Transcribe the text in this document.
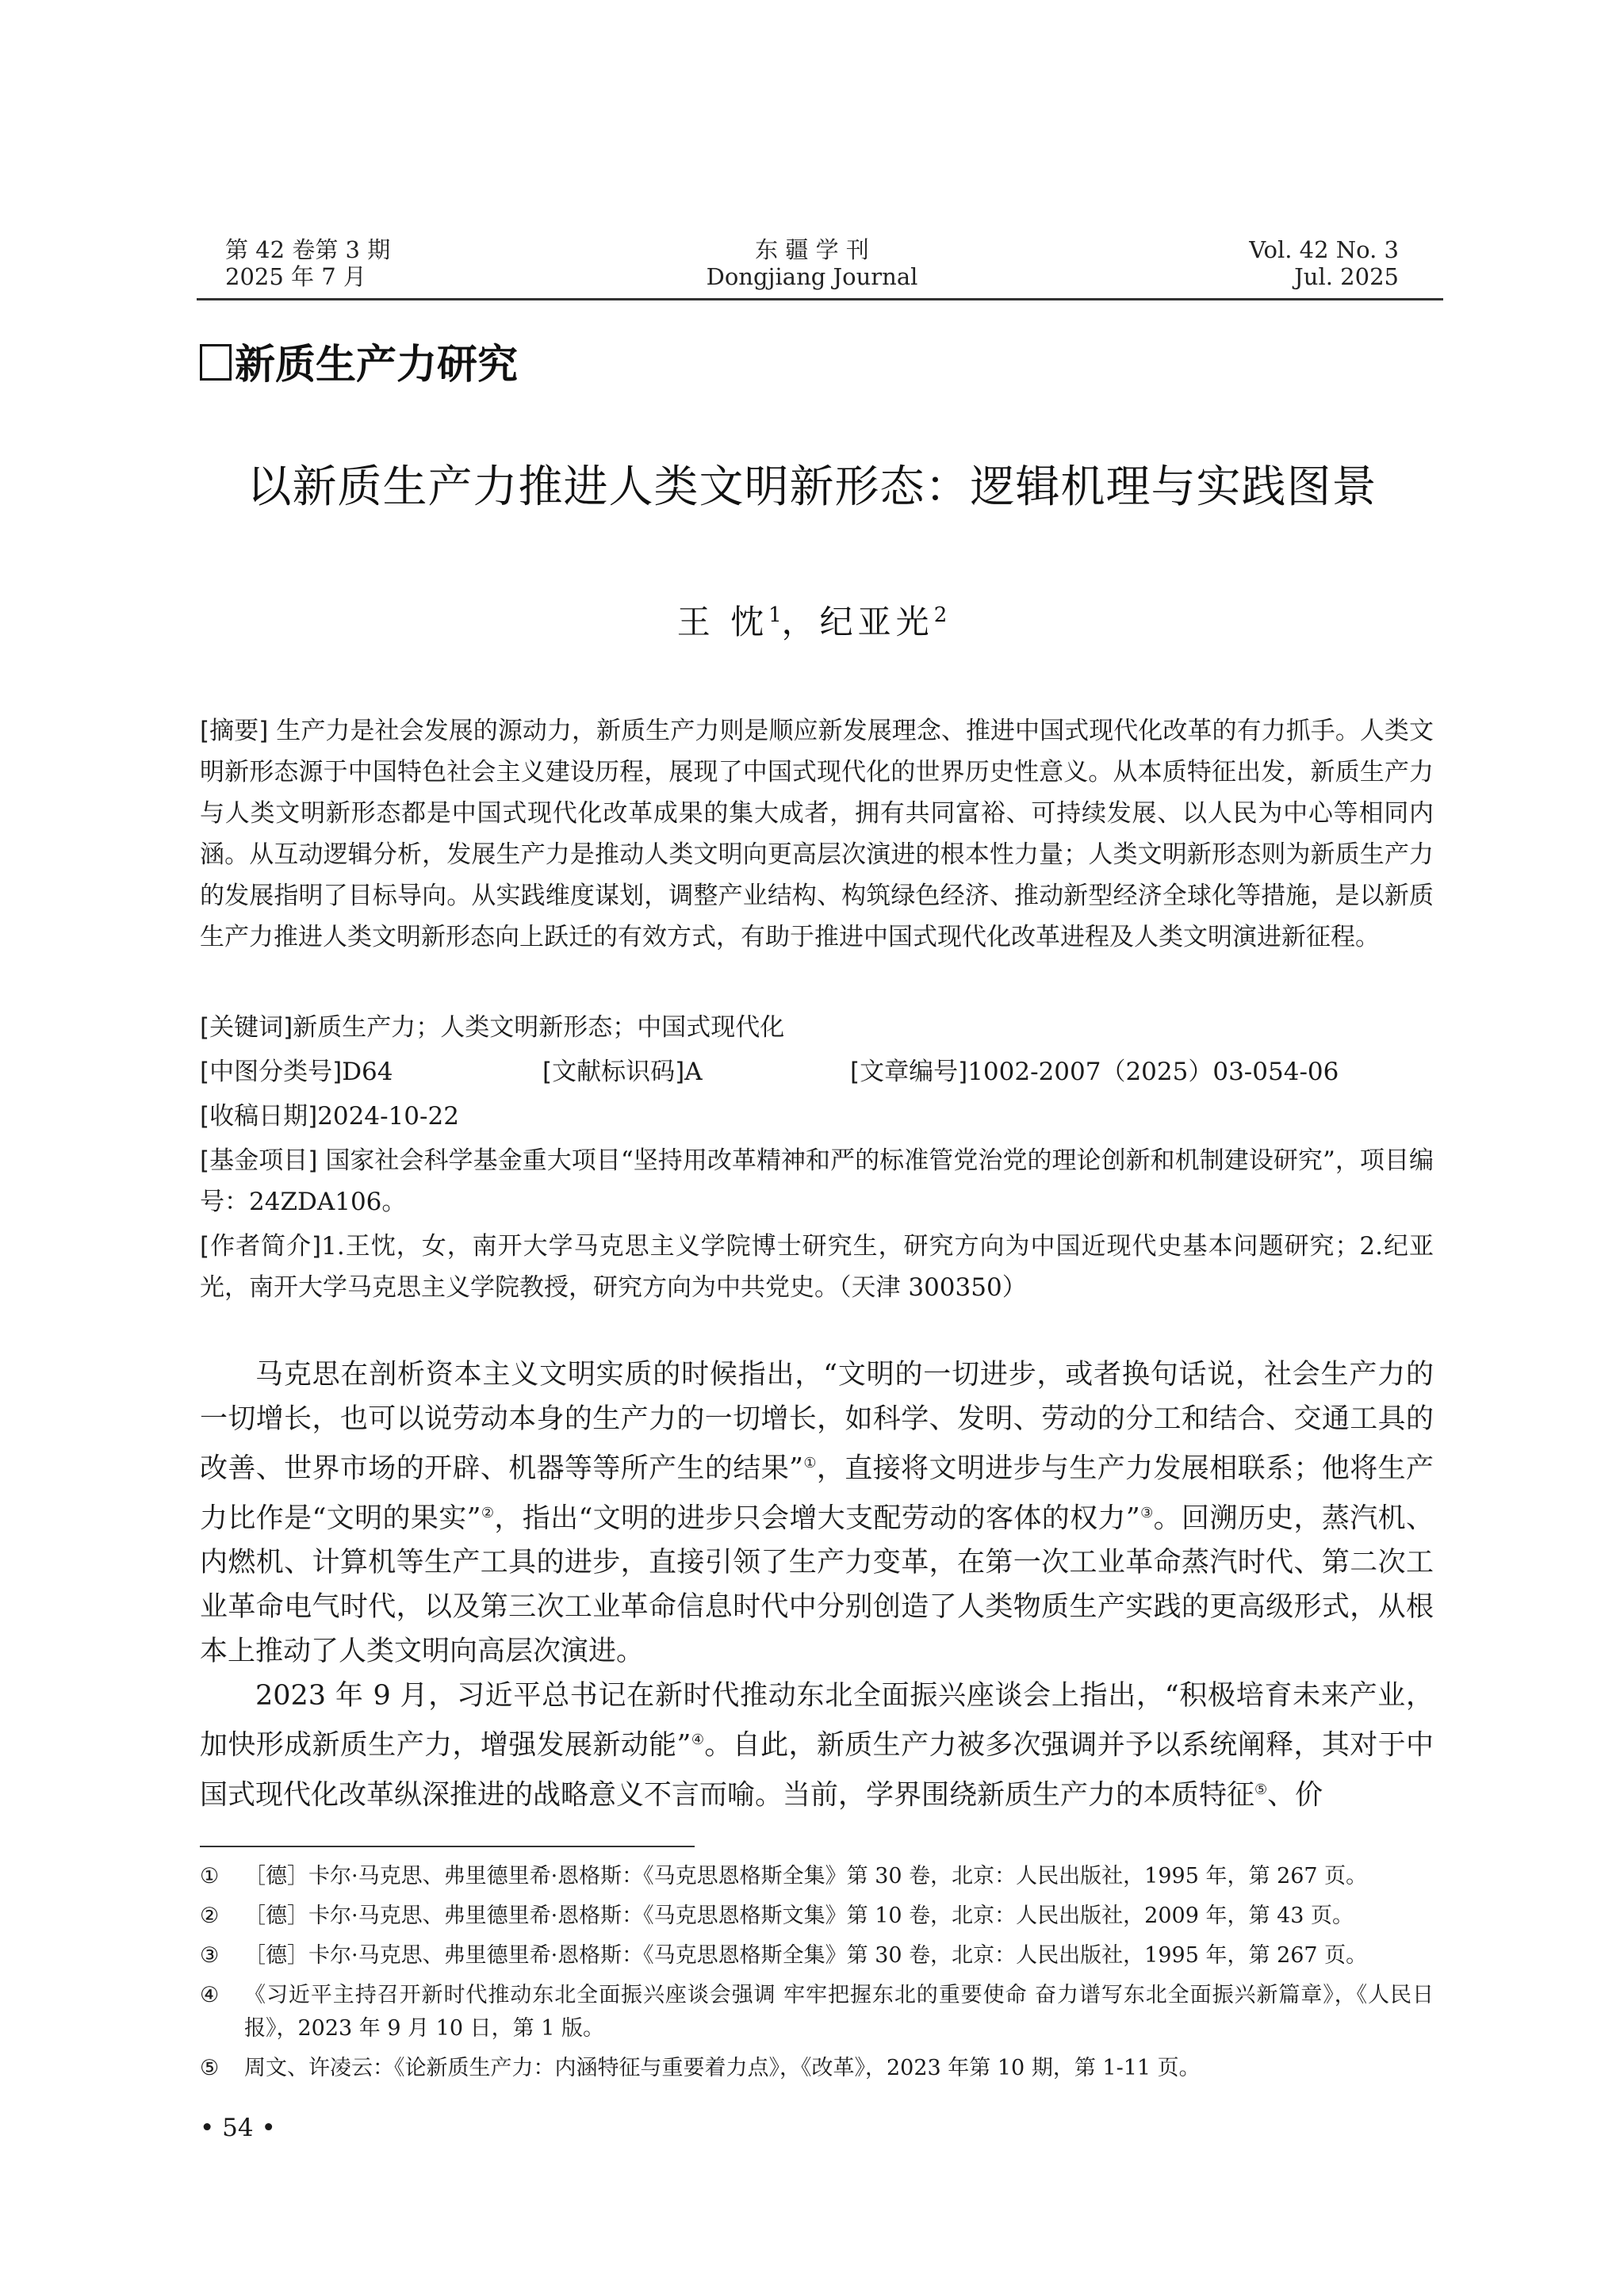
第 42 卷第 3 期
2025 年 7 月
东 疆 学 刊
Dongjiang Journal
Vol. 42 No. 3
Jul. 2025
新质生产力研究
以新质生产力推进人类文明新形态：逻辑机理与实践图景
王 忱$^1$，纪亚光$^2$
[摘要] 生产力是社会发展的源动力，新质生产力则是顺应新发展理念、推进中国式现代化改革的有力抓手。人类文明新形态源于中国特色社会主义建设历程，展现了中国式现代化的世界历史性意义。从本质特征出发，新质生产力与人类文明新形态都是中国式现代化改革成果的集大成者，拥有共同富裕、可持续发展、以人民为中心等相同内涵。从互动逻辑分析，发展生产力是推动人类文明向更高层次演进的根本性力量；人类文明新形态则为新质生产力的发展指明了目标导向。从实践维度谋划，调整产业结构、构筑绿色经济、推动新型经济全球化等措施，是以新质生产力推进人类文明新形态向上跃迁的有效方式，有助于推进中国式现代化改革进程及人类文明演进新征程。
[关键词]新质生产力；人类文明新形态；中国式现代化
[中图分类号]D64	[文献标识码]A	[文章编号]1002-2007（2025）03-054-06
[收稿日期]2024-10-22
[基金项目] 国家社会科学基金重大项目“坚持用改革精神和严的标准管党治党的理论创新和机制建设研究”，项目编号：24ZDA106。
[作者简介]1.王忱，女，南开大学马克思主义学院博士研究生，研究方向为中国近现代史基本问题研究；2.纪亚光，南开大学马克思主义学院教授，研究方向为中共党史。（天津 300350）

马克思在剖析资本主义文明实质的时候指出，“文明的一切进步，或者换句话说，社会生产力的一切增长，也可以说劳动本身的生产力的一切增长，如科学、发明、劳动的分工和结合、交通工具的改善、世界市场的开辟、机器等等所产生的结果”①，直接将文明进步与生产力发展相联系；他将生产力比作是“文明的果实”②，指出“文明的进步只会增大支配劳动的客体的权力”③。回溯历史，蒸汽机、内燃机、计算机等生产工具的进步，直接引领了生产力变革，在第一次工业革命蒸汽时代、第二次工业革命电气时代，以及第三次工业革命信息时代中分别创造了人类物质生产实践的更高级形式，从根本上推动了人类文明向高层次演进。

2023 年 9 月，习近平总书记在新时代推动东北全面振兴座谈会上指出，“积极培育未来产业，加快形成新质生产力，增强发展新动能”④。自此，新质生产力被多次强调并予以系统阐释，其对于中国式现代化改革纵深推进的战略意义不言而喻。当前，学界围绕新质生产力的本质特征⑤、价

① ［德］卡尔·马克思、弗里德里希·恩格斯：《马克思恩格斯全集》第 30 卷，北京：人民出版社，1995 年，第 267 页。
② ［德］卡尔·马克思、弗里德里希·恩格斯：《马克思恩格斯文集》第 10 卷，北京：人民出版社，2009 年，第 43 页。
③ ［德］卡尔·马克思、弗里德里希·恩格斯：《马克思恩格斯全集》第 30 卷，北京：人民出版社，1995 年，第 267 页。
④ 《习近平主持召开新时代推动东北全面振兴座谈会强调 牢牢把握东北的重要使命 奋力谱写东北全面振兴新篇章》，《人民日报》，2023 年 9 月 10 日，第 1 版。
⑤ 周文、许凌云：《论新质生产力：内涵特征与重要着力点》，《改革》，2023 年第 10 期，第 1-11 页。
• 54 •
